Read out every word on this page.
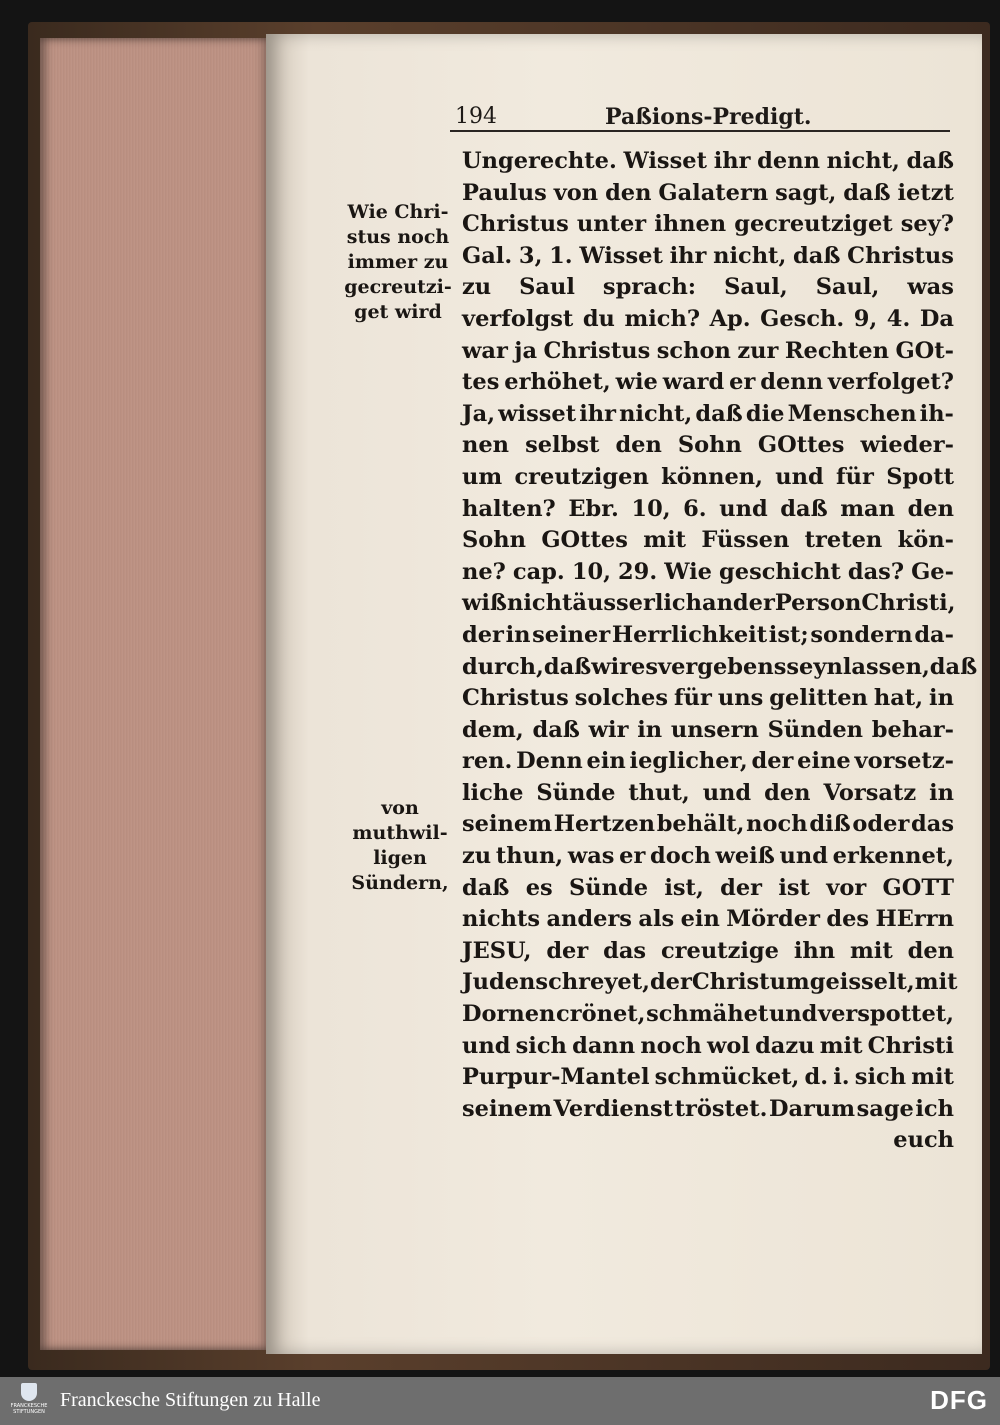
194	Paßions-Predigt.
Wie Chri-
stus noch
immer zu
gecreutzi-
get wird
von
muthwil-
ligen
Sündern,
Ungerechte. Wisset ihr denn nicht, daß
Paulus von den Galatern sagt, daß ietzt
Christus unter ihnen gecreutziget sey?
Gal. 3, 1. Wisset ihr nicht, daß Christus
zu Saul sprach: Saul, Saul, was
verfolgst du mich? Ap. Gesch. 9, 4. Da
war ja Christus schon zur Rechten GOt-
tes erhöhet, wie ward er denn verfolget?
Ja, wisset ihr nicht, daß die Menschen ih-
nen selbst den Sohn GOttes wieder-
um creutzigen können, und für Spott
halten? Ebr. 10, 6. und daß man den
Sohn GOttes mit Füssen treten kön-
ne? cap. 10, 29. Wie geschicht das? Ge-
wiß nicht äusserlich an der Person Christi,
der in seiner Herrlichkeit ist; sondern da-
durch, daß wir es vergebens seyn lassen, daß
Christus solches für uns gelitten hat, in
dem, daß wir in unsern Sünden behar-
ren. Denn ein ieglicher, der eine vorsetz-
liche Sünde thut, und den Vorsatz in
seinem Hertzen behält, noch diß oder das
zu thun, was er doch weiß und erkennet,
daß es Sünde ist, der ist vor GOTT
nichts anders als ein Mörder des HErrn
JESU, der das creutzige ihn mit den
Juden schreyet, der Christum geisselt, mit
Dornen crönet, schmähet und verspottet,
und sich dann noch wol dazu mit Christi
Purpur-Mantel schmücket, d. i. sich mit
seinem Verdienst tröstet. Darum sage ich
euch
FRANCKESCHE STIFTUNGEN
Franckesche Stiftungen zu Halle	DFG
